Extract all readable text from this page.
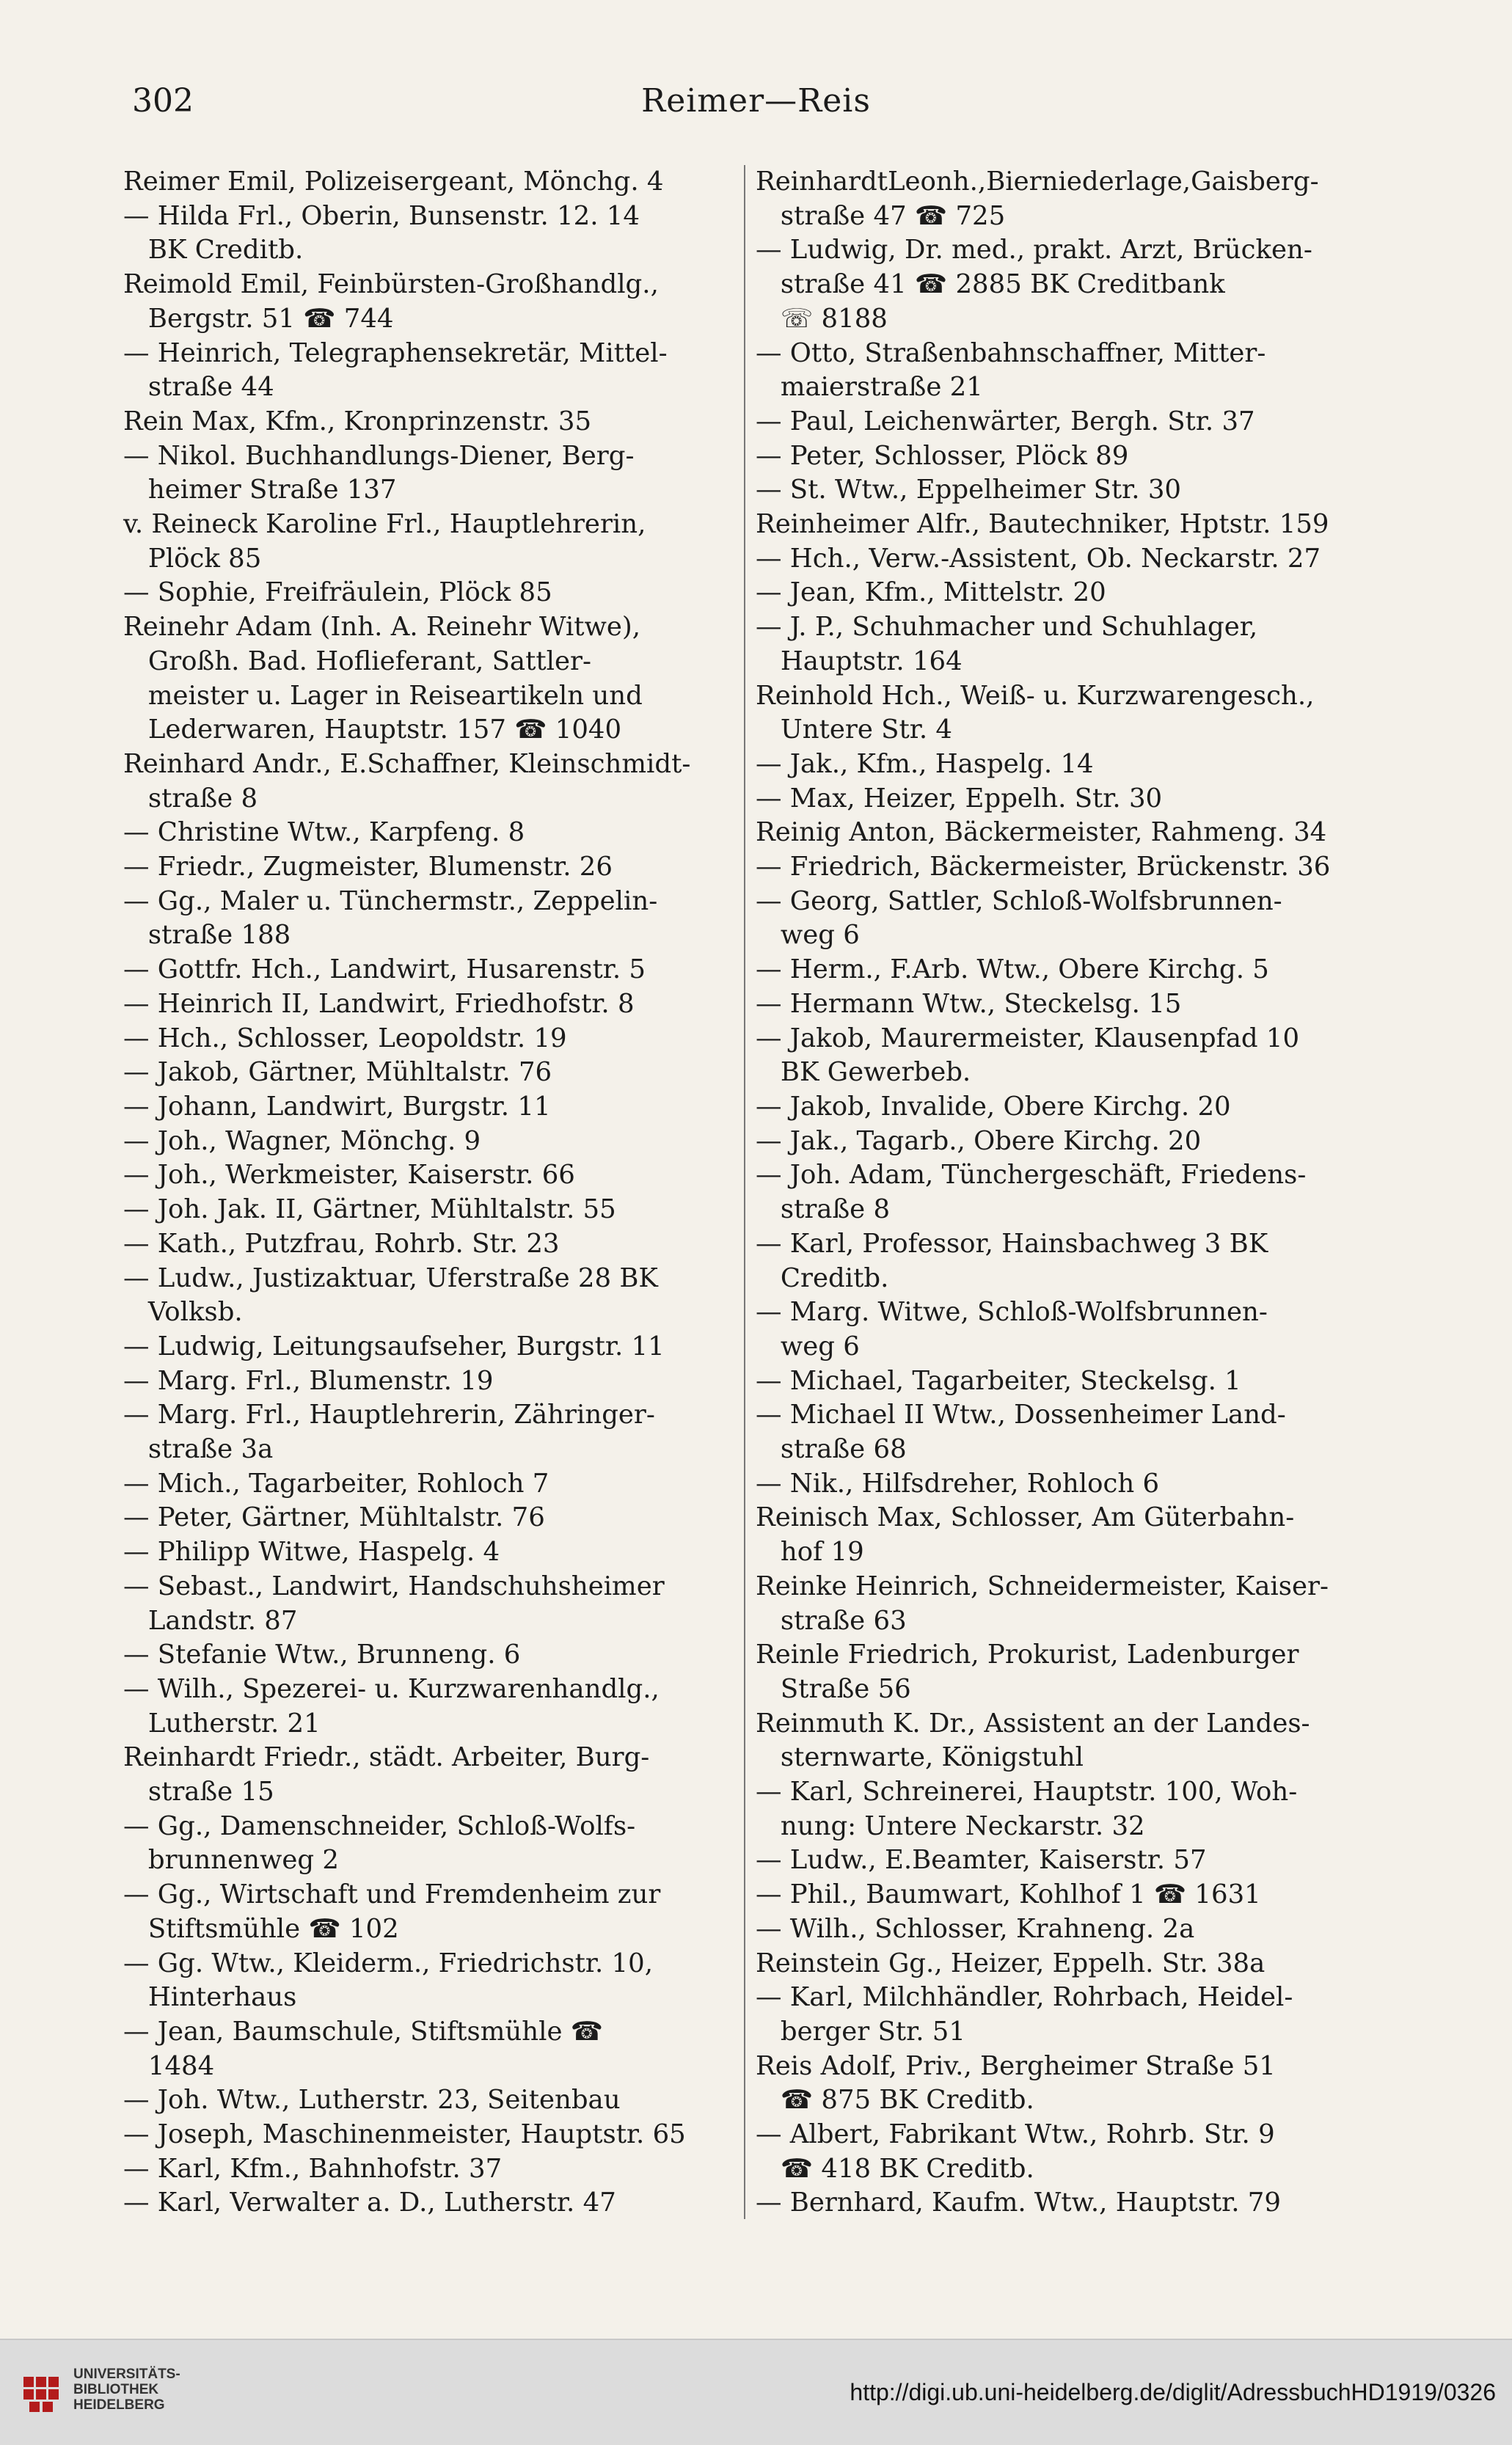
302	Reimer—Reis
Reimer Emil, Polizeisergeant, Mönchg. 4
— Hilda Frl., Oberin, Bunsenstr. 12. 14
BK Creditb.
Reimold Emil, Feinbürsten-Großhandlg.,
Bergstr. 51 ☎ 744
— Heinrich, Telegraphensekretär, Mittel-
straße 44
Rein Max, Kfm., Kronprinzenstr. 35
— Nikol. Buchhandlungs-Diener, Berg-
heimer Straße 137
v. Reineck Karoline Frl., Hauptlehrerin,
Plöck 85
— Sophie, Freifräulein, Plöck 85
Reinehr Adam (Inh. A. Reinehr Witwe),
Großh. Bad. Hoflieferant, Sattler-
meister u. Lager in Reiseartikeln und
Lederwaren, Hauptstr. 157 ☎ 1040
Reinhard Andr., E.Schaffner, Kleinschmidt-
straße 8
— Christine Wtw., Karpfeng. 8
— Friedr., Zugmeister, Blumenstr. 26
— Gg., Maler u. Tünchermstr., Zeppelin-
straße 188
— Gottfr. Hch., Landwirt, Husarenstr. 5
— Heinrich II, Landwirt, Friedhofstr. 8
— Hch., Schlosser, Leopoldstr. 19
— Jakob, Gärtner, Mühltalstr. 76
— Johann, Landwirt, Burgstr. 11
— Joh., Wagner, Mönchg. 9
— Joh., Werkmeister, Kaiserstr. 66
— Joh. Jak. II, Gärtner, Mühltalstr. 55
— Kath., Putzfrau, Rohrb. Str. 23
— Ludw., Justizaktuar, Uferstraße 28 BK
Volksb.
— Ludwig, Leitungsaufseher, Burgstr. 11
— Marg. Frl., Blumenstr. 19
— Marg. Frl., Hauptlehrerin, Zähringer-
straße 3a
— Mich., Tagarbeiter, Rohloch 7
— Peter, Gärtner, Mühltalstr. 76
— Philipp Witwe, Haspelg. 4
— Sebast., Landwirt, Handschuhsheimer
Landstr. 87
— Stefanie Wtw., Brunneng. 6
— Wilh., Spezerei- u. Kurzwarenhandlg.,
Lutherstr. 21
Reinhardt Friedr., städt. Arbeiter, Burg-
straße 15
— Gg., Damenschneider, Schloß-Wolfs-
brunnenweg 2
— Gg., Wirtschaft und Fremdenheim zur
Stiftsmühle ☎ 102
— Gg. Wtw., Kleiderm., Friedrichstr. 10,
Hinterhaus
— Jean, Baumschule, Stiftsmühle ☎
1484
— Joh. Wtw., Lutherstr. 23, Seitenbau
— Joseph, Maschinenmeister, Hauptstr. 65
— Karl, Kfm., Bahnhofstr. 37
— Karl, Verwalter a. D., Lutherstr. 47
ReinhardtLeonh.,Bierniederlage,Gaisberg-
straße 47 ☎ 725
— Ludwig, Dr. med., prakt. Arzt, Brücken-
straße 41 ☎ 2885 BK Creditbank
☏ 8188
— Otto, Straßenbahnschaffner, Mitter-
maierstraße 21
— Paul, Leichenwärter, Bergh. Str. 37
— Peter, Schlosser, Plöck 89
— St. Wtw., Eppelheimer Str. 30
Reinheimer Alfr., Bautechniker, Hptstr. 159
— Hch., Verw.-Assistent, Ob. Neckarstr. 27
— Jean, Kfm., Mittelstr. 20
— J. P., Schuhmacher und Schuhlager,
Hauptstr. 164
Reinhold Hch., Weiß- u. Kurzwarengesch.,
Untere Str. 4
— Jak., Kfm., Haspelg. 14
— Max, Heizer, Eppelh. Str. 30
Reinig Anton, Bäckermeister, Rahmeng. 34
— Friedrich, Bäckermeister, Brückenstr. 36
— Georg, Sattler, Schloß-Wolfsbrunnen-
weg 6
— Herm., F.Arb. Wtw., Obere Kirchg. 5
— Hermann Wtw., Steckelsg. 15
— Jakob, Maurermeister, Klausenpfad 10
BK Gewerbeb.
— Jakob, Invalide, Obere Kirchg. 20
— Jak., Tagarb., Obere Kirchg. 20
— Joh. Adam, Tünchergeschäft, Friedens-
straße 8
— Karl, Professor, Hainsbachweg 3 BK
Creditb.
— Marg. Witwe, Schloß-Wolfsbrunnen-
weg 6
— Michael, Tagarbeiter, Steckelsg. 1
— Michael II Wtw., Dossenheimer Land-
straße 68
— Nik., Hilfsdreher, Rohloch 6
Reinisch Max, Schlosser, Am Güterbahn-
hof 19
Reinke Heinrich, Schneidermeister, Kaiser-
straße 63
Reinle Friedrich, Prokurist, Ladenburger
Straße 56
Reinmuth K. Dr., Assistent an der Landes-
sternwarte, Königstuhl
— Karl, Schreinerei, Hauptstr. 100, Woh-
nung: Untere Neckarstr. 32
— Ludw., E.Beamter, Kaiserstr. 57
— Phil., Baumwart, Kohlhof 1 ☎ 1631
— Wilh., Schlosser, Krahneng. 2a
Reinstein Gg., Heizer, Eppelh. Str. 38a
— Karl, Milchhändler, Rohrbach, Heidel-
berger Str. 51
Reis Adolf, Priv., Bergheimer Straße 51
☎ 875 BK Creditb.
— Albert, Fabrikant Wtw., Rohrb. Str. 9
☎ 418 BK Creditb.
— Bernhard, Kaufm. Wtw., Hauptstr. 79
UNIVERSITÄTS-
BIBLIOTHEK
HEIDELBERG	http://digi.ub.uni-heidelberg.de/diglit/AdressbuchHD1919/0326
